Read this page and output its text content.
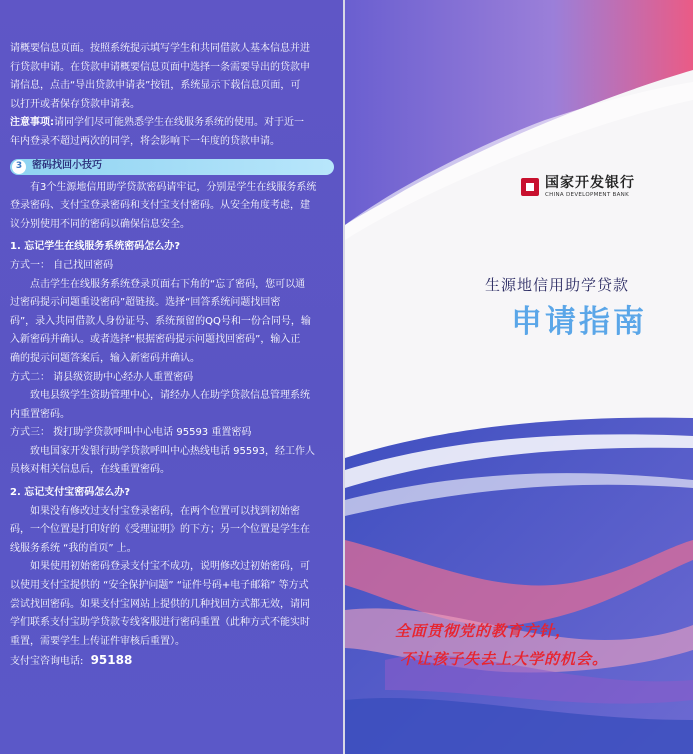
请概要信息页面。按照系统提示填写学生和共同借款人基本信息并进

行贷款申请。在贷款申请概要信息页面中选择一条需要导出的贷款申

请信息，点击“导出贷款申请表”按钮，系统显示下载信息页面，可

以打开或者保存贷款申请表。

注意事项:请同学们尽可能熟悉学生在线服务系统的使用。对于近一

年内登录不超过两次的同学，将会影响下一年度的贷款申请。

3 密码找回小技巧

有3个生源地信用助学贷款密码请牢记，分别是学生在线服务系统

登录密码、支付宝登录密码和支付宝支付密码。从安全角度考虑，建

议分别使用不同的密码以确保信息安全。

1. 忘记学生在线服务系统密码怎么办?

方式一： 自己找回密码

点击学生在线服务系统登录页面右下角的“忘了密码，您可以通

过密码提示问题重设密码”超链接。选择“回答系统问题找回密

码”，录入共同借款人身份证号、系统预留的QQ号和一份合同号，输

入新密码并确认。或者选择“根据密码提示问题找回密码”，输入正

确的提示问题答案后，输入新密码并确认。

方式二： 请县级资助中心经办人重置密码

致电县级学生资助管理中心，请经办人在助学贷款信息管理系统

内重置密码。

方式三： 拨打助学贷款呼叫中心电话 95593 重置密码

致电国家开发银行助学贷款呼叫中心热线电话 95593，经工作人

员核对相关信息后，在线重置密码。

2. 忘记支付宝密码怎么办?

如果没有修改过支付宝登录密码，在两个位置可以找到初始密

码，一个位置是打印好的《受理证明》的下方；另一个位置是学生在

线服务系统 “我的首页” 上。

如果使用初始密码登录支付宝不成功，说明修改过初始密码，可

以使用支付宝提供的 “安全保护问题” “证件号码+电子邮箱” 等方式

尝试找回密码。如果支付宝网站上提供的几种找回方式都无效，请同

学们联系支付宝助学贷款专线客服进行密码重置（此种方式不能实时

重置，需要学生上传证件审核后重置）。

支付宝咨询电话: 95188

国家开发银行
CHINA DEVELOPMENT BANK
生源地信用助学贷款
申请指南
全面贯彻党的教育方针，
不让孩子失去上大学的机会。
